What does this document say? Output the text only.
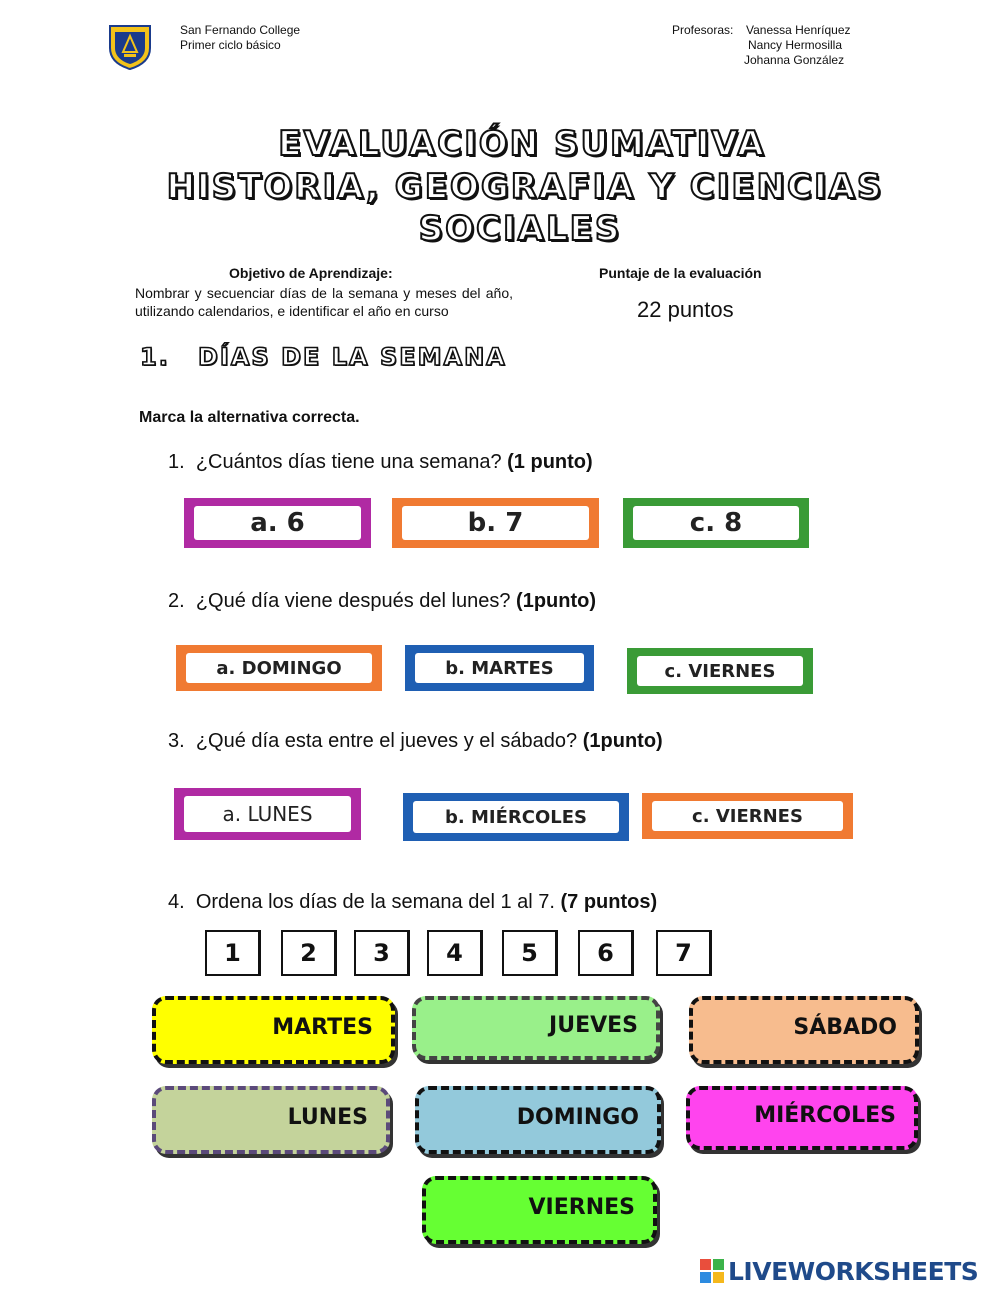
San Fernando College
Primer ciclo básico
Profesoras: Vanessa Henríquez
Nancy Hermosilla
Johanna González
EVALUACIÓN SUMATIVA
HISTORIA, GEOGRAFIA Y CIENCIAS
SOCIALES
Objetivo de Aprendizaje:
Nombrar y secuenciar días de la semana y meses del año, utilizando calendarios, e identificar el año en curso
Puntaje de la evaluación
22 puntos
1. DÍAS DE LA SEMANA
Marca la alternativa correcta.
1. ¿Cuántos días tiene una semana? (1 punto)
a. 6	b. 7	c. 8
2. ¿Qué día viene después del lunes? (1punto)
a. DOMINGO	b. MARTES	c. VIERNES
3. ¿Qué día esta entre el jueves y el sábado? (1punto)
a. LUNES	b. MIÉRCOLES	c. VIERNES
4. Ordena los días de la semana del 1 al 7. (7 puntos)
1	2	3	4	5	6	7
MARTES	JUEVES	SÁBADO
LUNES	DOMINGO	MIÉRCOLES
VIERNES
LIVEWORKSHEETS
